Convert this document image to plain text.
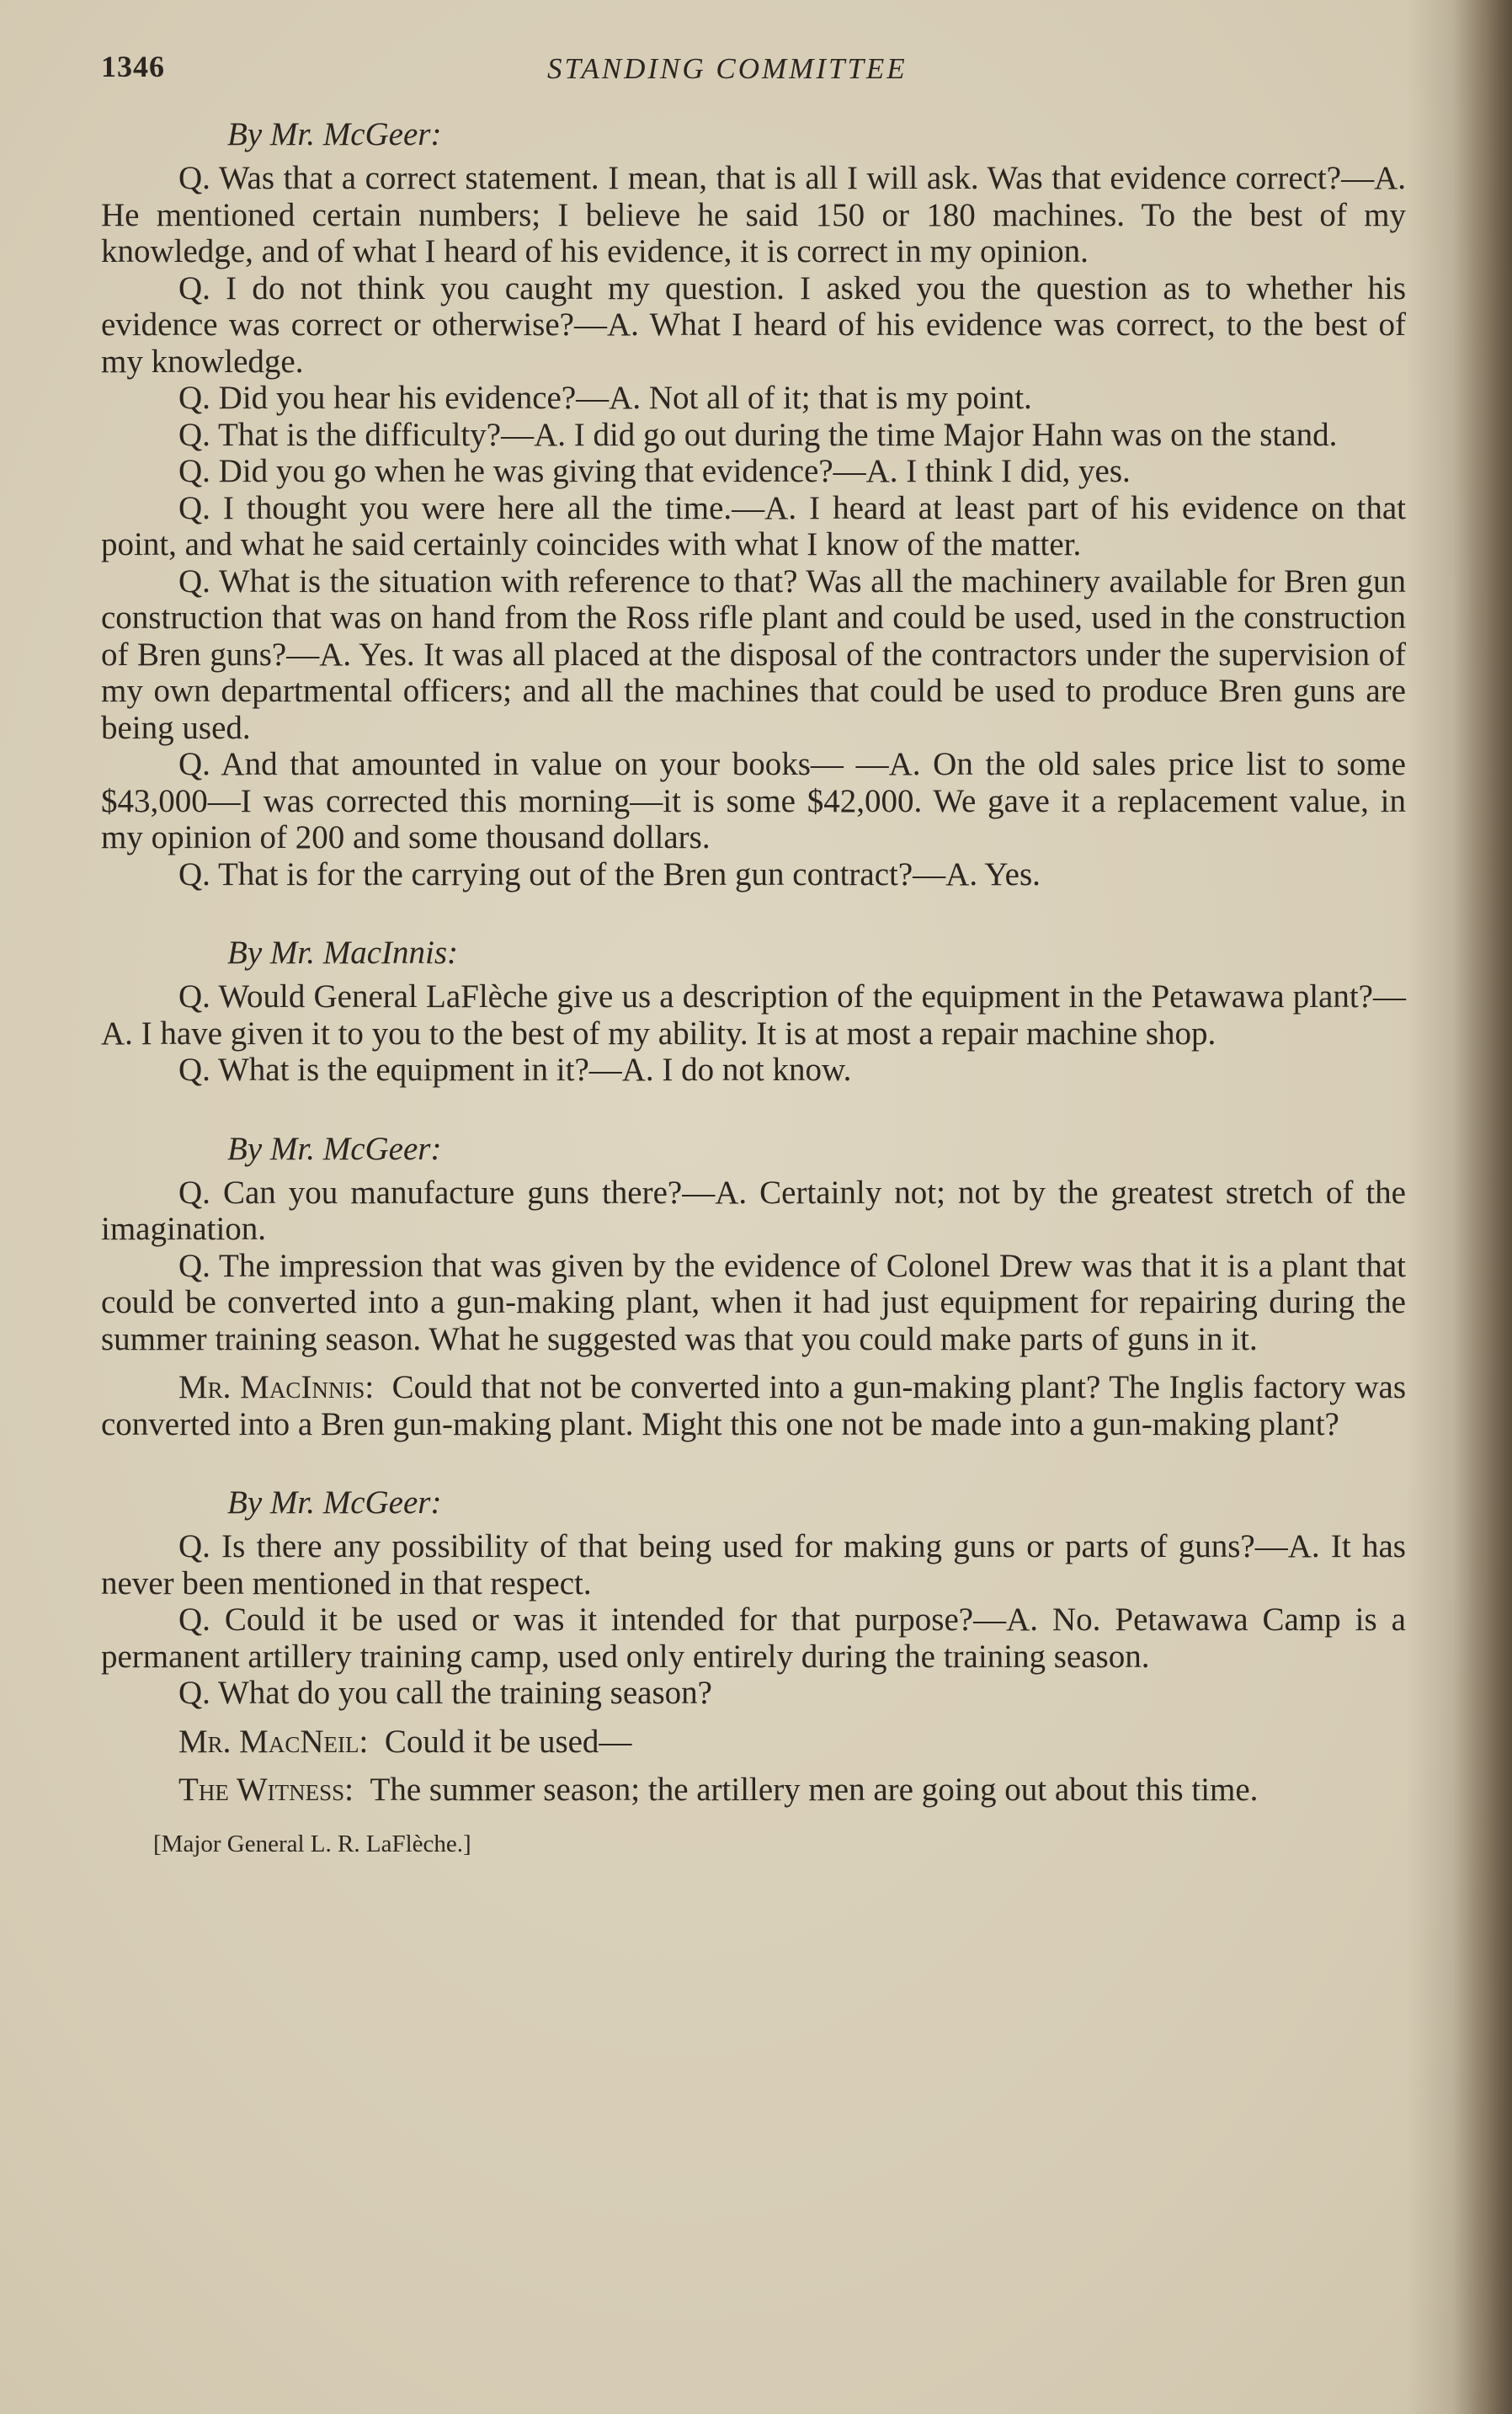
1346	STANDING COMMITTEE
By Mr. McGeer:

Q. Was that a correct statement. I mean, that is all I will ask. Was that evidence correct?—A. He mentioned certain numbers; I believe he said 150 or 180 machines. To the best of my knowledge, and of what I heard of his evidence, it is correct in my opinion.

Q. I do not think you caught my question. I asked you the question as to whether his evidence was correct or otherwise?—A. What I heard of his evidence was correct, to the best of my knowledge.

Q. Did you hear his evidence?—A. Not all of it; that is my point.

Q. That is the difficulty?—A. I did go out during the time Major Hahn was on the stand.

Q. Did you go when he was giving that evidence?—A. I think I did, yes.

Q. I thought you were here all the time.—A. I heard at least part of his evidence on that point, and what he said certainly coincides with what I know of the matter.

Q. What is the situation with reference to that? Was all the machinery available for Bren gun construction that was on hand from the Ross rifle plant and could be used, used in the construction of Bren guns?—A. Yes. It was all placed at the disposal of the contractors under the supervision of my own departmental officers; and all the machines that could be used to produce Bren guns are being used.

Q. And that amounted in value on your books— —A. On the old sales price list to some $43,000—I was corrected this morning—it is some $42,000. We gave it a replacement value, in my opinion of 200 and some thousand dollars.

Q. That is for the carrying out of the Bren gun contract?—A. Yes.

By Mr. MacInnis:

Q. Would General LaFlèche give us a description of the equipment in the Petawawa plant?—A. I have given it to you to the best of my ability. It is at most a repair machine shop.

Q. What is the equipment in it?—A. I do not know.

By Mr. McGeer:

Q. Can you manufacture guns there?—A. Certainly not; not by the greatest stretch of the imagination.

Q. The impression that was given by the evidence of Colonel Drew was that it is a plant that could be converted into a gun-making plant, when it had just equipment for repairing during the summer training season. What he suggested was that you could make parts of guns in it.

Mr. MacInnis: Could that not be converted into a gun-making plant? The Inglis factory was converted into a Bren gun-making plant. Might this one not be made into a gun-making plant?

By Mr. McGeer:

Q. Is there any possibility of that being used for making guns or parts of guns?—A. It has never been mentioned in that respect.

Q. Could it be used or was it intended for that purpose?—A. No. Petawawa Camp is a permanent artillery training camp, used only entirely during the training season.

Q. What do you call the training season?

Mr. MacNeil: Could it be used—

The Witness: The summer season; the artillery men are going out about this time.

[Major General L. R. LaFlèche.]
